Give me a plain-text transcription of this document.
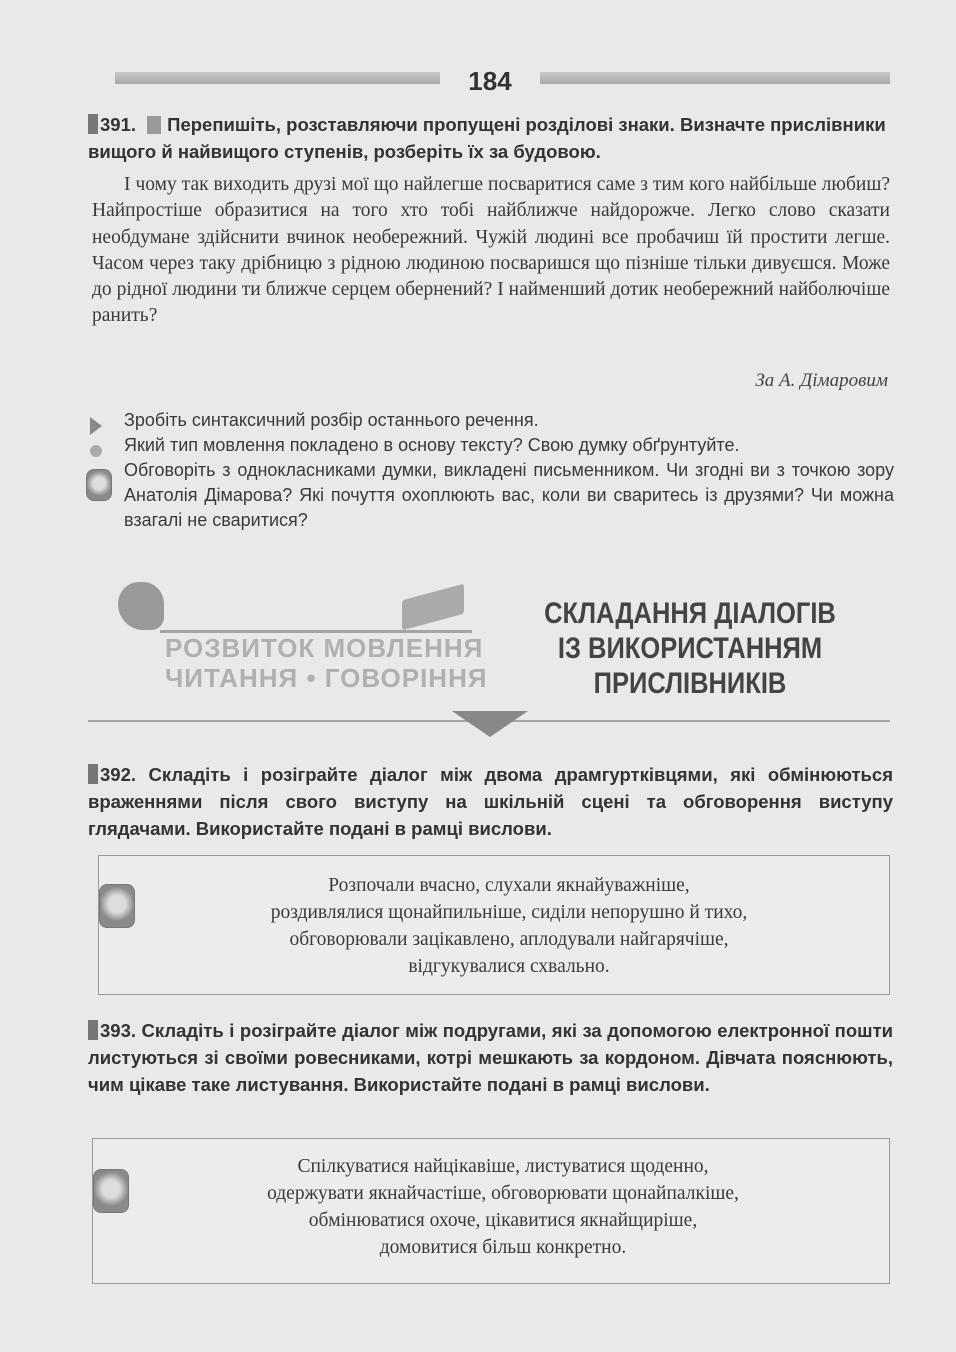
184
391. Перепишіть, розставляючи пропущені розділові знаки. Визначте прислівники вищого й найвищого ступенів, розберіть їх за будовою.
І чому так виходить друзі мої що найлегше посваритися саме з тим кого найбільше любиш? Найпростіше образитися на того хто тобі найближче найдорожче. Легко слово сказати необдумане здійснити вчинок необережний. Чужій людині все пробачиш їй простити легше. Часом через таку дрібницю з рідною людиною посваришся що пізніше тільки дивуєшся. Може до рідної людини ти ближче серцем обернений? І найменший дотик необережний найболючіше ранить?
За А. Дімаровим
Зробіть синтаксичний розбір останнього речення.
Який тип мовлення покладено в основу тексту? Свою думку обґрунтуйте.
Обговоріть з однокласниками думки, викладені письменником. Чи згодні ви з точкою зору Анатолія Дімарова? Які почуття охоплюють вас, коли ви сваритесь із друзями? Чи можна взагалі не сваритися?
РОЗВИТОК МОВЛЕННЯ
ЧИТАННЯ • ГОВОРІННЯ
СКЛАДАННЯ ДІАЛОГІВ
ІЗ ВИКОРИСТАННЯМ
ПРИСЛІВНИКІВ
392. Складіть і розіграйте діалог між двома драмгуртківцями, які обмінюються враженнями після свого виступу на шкільній сцені та обговорення виступу глядачами. Використайте подані в рамці вислови.
Розпочали вчасно, слухали якнайуважніше,
роздивлялися щонайпильніше, сиділи непорушно й тихо,
обговорювали зацікавлено, аплодували найгарячіше,
відгукувалися схвально.
393. Складіть і розіграйте діалог між подругами, які за допомогою електронної пошти листуються зі своїми ровесниками, котрі мешкають за кордоном. Дівчата пояснюють, чим цікаве таке листування. Використайте подані в рамці вислови.
Спілкуватися найцікавіше, листуватися щоденно,
одержувати якнайчастіше, обговорювати щонайпалкіше,
обмінюватися охоче, цікавитися якнайщиріше,
домовитися більш конкретно.
